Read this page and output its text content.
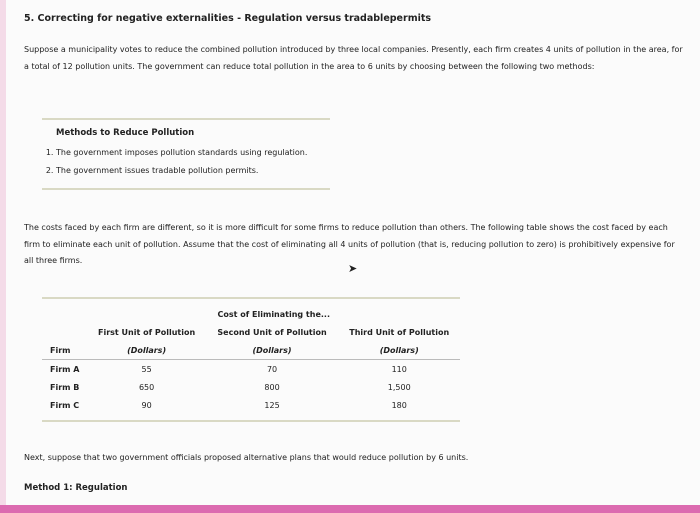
5. Correcting for negative externalities - Regulation versus tradablepermits
Suppose a municipality votes to reduce the combined pollution introduced by three local companies. Presently, each firm creates 4 units of pollution in the area, for a total of 12 pollution units. The government can reduce total pollution in the area to 6 units by choosing between the following two methods:
Methods to Reduce Pollution
1. The government imposes pollution standards using regulation.
2. The government issues tradable pollution permits.
The costs faced by each firm are different, so it is more difficult for some firms to reduce pollution than others. The following table shows the cost faced by each firm to eliminate each unit of pollution. Assume that the cost of eliminating all 4 units of pollution (that is, reducing pollution to zero) is prohibitively expensive for all three firms.
➤
	Cost of Eliminating the...		
	First Unit of Pollution	Second Unit of Pollution	Third Unit of Pollution
Firm	(Dollars)	(Dollars)	(Dollars)
Firm A	55	70	110
Firm B	650	800	1,500
Firm C	90	125	180
Next, suppose that two government officials proposed alternative plans that would reduce pollution by 6 units.
Method 1: Regulation
